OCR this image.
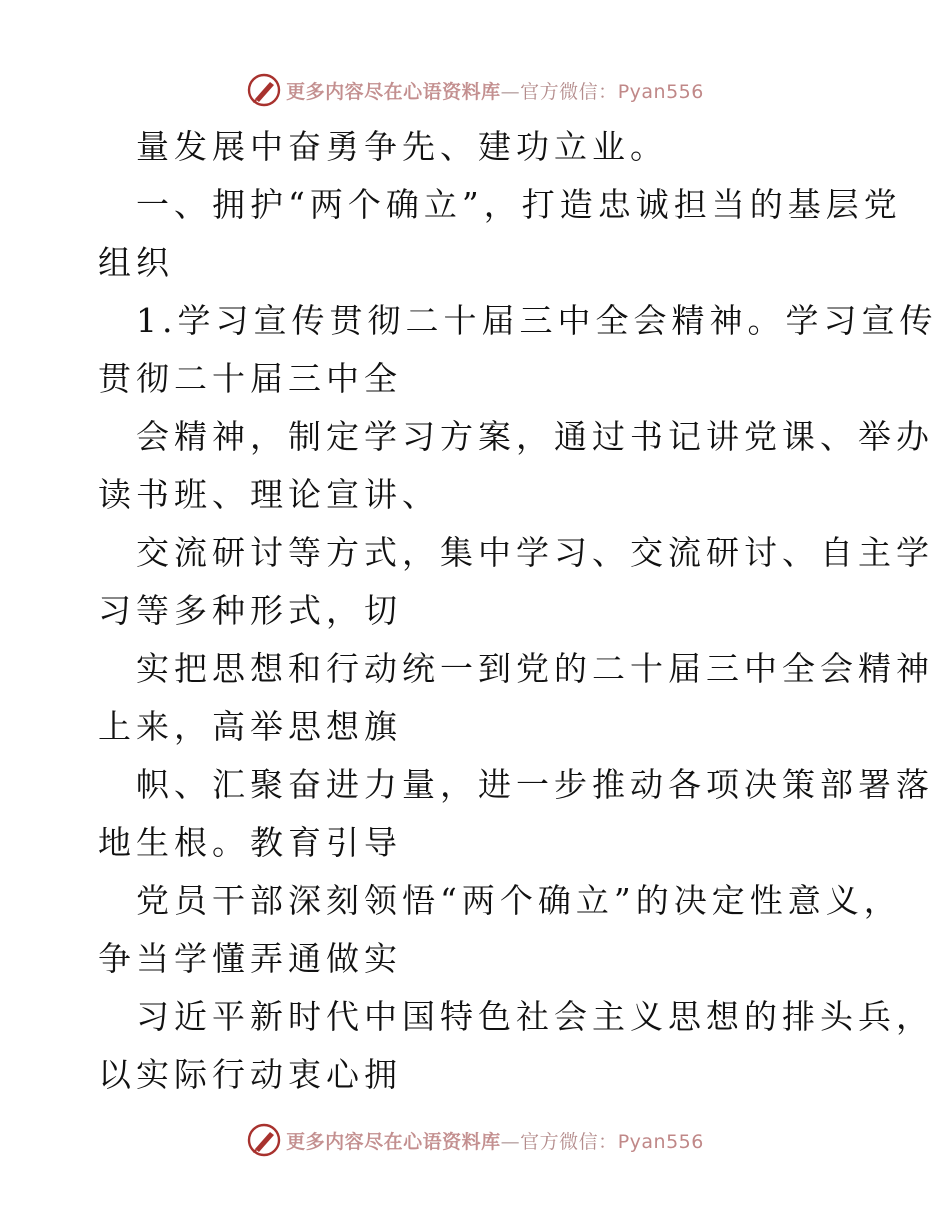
更多内容尽在心语资料库—官方微信：Pyan556
量发展中奋勇争先、建功立业。
一、拥护“两个确立”，打造忠诚担当的基层党
组织
1.学习宣传贯彻二十届三中全会精神。学习宣传
贯彻二十届三中全
会精神，制定学习方案，通过书记讲党课、举办
读书班、理论宣讲、
交流研讨等方式，集中学习、交流研讨、自主学
习等多种形式，切
实把思想和行动统一到党的二十届三中全会精神
上来，高举思想旗
帜、汇聚奋进力量，进一步推动各项决策部署落
地生根。教育引导
党员干部深刻领悟“两个确立”的决定性意义，
争当学懂弄通做实
习近平新时代中国特色社会主义思想的排头兵，
以实际行动衷心拥
更多内容尽在心语资料库—官方微信：Pyan556
